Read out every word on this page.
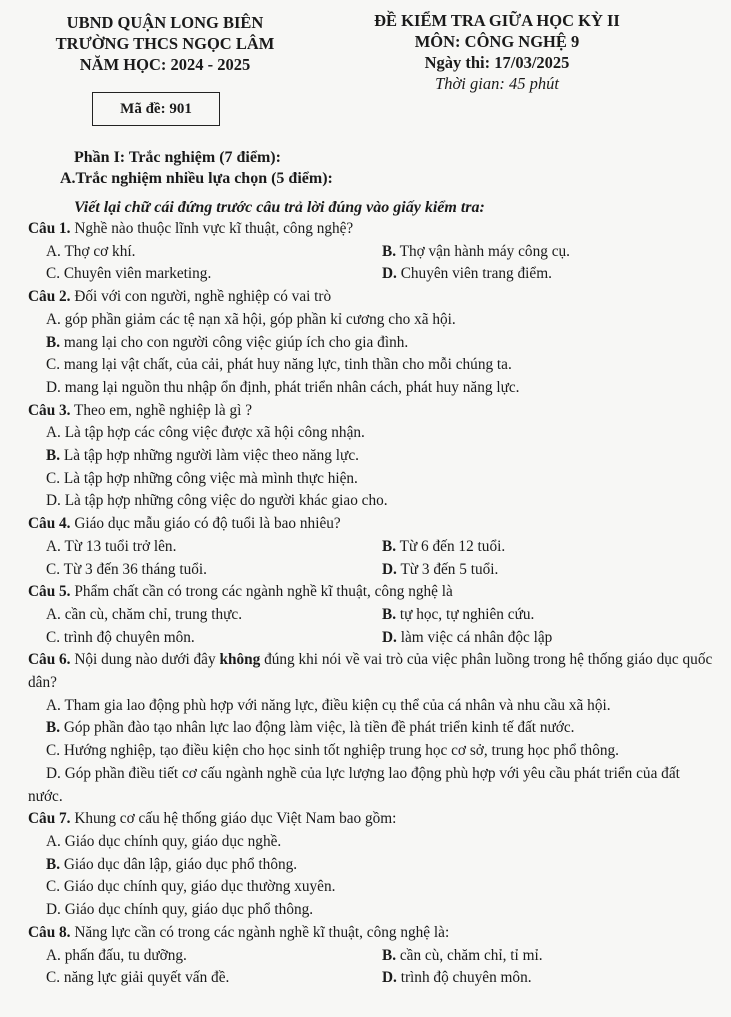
UBND QUẬN LONG BIÊN
TRƯỜNG THCS NGỌC LÂM
NĂM HỌC: 2024 - 2025
ĐỀ KIỂM TRA GIỮA HỌC KỲ II
MÔN: CÔNG NGHỆ 9
Ngày thi: 17/03/2025
Thời gian: 45 phút
Mã đề: 901
Phần I: Trắc nghiệm (7 điểm):
A.Trắc nghiệm nhiều lựa chọn (5 điểm):
Viết lại chữ cái đứng trước câu trả lời đúng vào giấy kiểm tra:
Câu 1. Nghề nào thuộc lĩnh vực kĩ thuật, công nghệ?
A. Thợ cơ khí.	B. Thợ vận hành máy công cụ.
C. Chuyên viên marketing.	D. Chuyên viên trang điểm.
Câu 2. Đối với con người, nghề nghiệp có vai trò
A. góp phần giảm các tệ nạn xã hội, góp phần kỉ cương cho xã hội.
B. mang lại cho con người công việc giúp ích cho gia đình.
C. mang lại vật chất, của cải, phát huy năng lực, tinh thần cho mỗi chúng ta.
D. mang lại nguồn thu nhập ổn định, phát triển nhân cách, phát huy năng lực.
Câu 3. Theo em, nghề nghiệp là gì ?
A. Là tập hợp các công việc được xã hội công nhận.
B. Là tập hợp những người làm việc theo năng lực.
C. Là tập hợp những công việc mà mình thực hiện.
D. Là tập hợp những công việc do người khác giao cho.
Câu 4. Giáo dục mẫu giáo có độ tuổi là bao nhiêu?
A. Từ 13 tuổi trở lên.	B. Từ 6 đến 12 tuổi.
C. Từ 3 đến 36 tháng tuổi.	D. Từ 3 đến 5 tuổi.
Câu 5. Phẩm chất cần có trong các ngành nghề kĩ thuật, công nghệ là
A. cần cù, chăm chỉ, trung thực.	B. tự học, tự nghiên cứu.
C. trình độ chuyên môn.	D. làm việc cá nhân độc lập
Câu 6. Nội dung nào dưới đây không đúng khi nói về vai trò của việc phân luồng trong hệ thống giáo dục quốc dân?
A. Tham gia lao động phù hợp với năng lực, điều kiện cụ thể của cá nhân và nhu cầu xã hội.
B. Góp phần đào tạo nhân lực lao động làm việc, là tiền đề phát triển kinh tế đất nước.
C. Hướng nghiệp, tạo điều kiện cho học sinh tốt nghiệp trung học cơ sở, trung học phổ thông.
D. Góp phần điều tiết cơ cấu ngành nghề của lực lượng lao động phù hợp với yêu cầu phát triển của đất nước.
Câu 7. Khung cơ cấu hệ thống giáo dục Việt Nam bao gồm:
A. Giáo dục chính quy, giáo dục nghề.
B. Giáo dục dân lập, giáo dục phổ thông.
C. Giáo dục chính quy, giáo dục thường xuyên.
D. Giáo dục chính quy, giáo dục phổ thông.
Câu 8. Năng lực cần có trong các ngành nghề kĩ thuật, công nghệ là:
A. phấn đấu, tu dưỡng.	B. cần cù, chăm chỉ, tỉ mỉ.
C. năng lực giải quyết vấn đề.	D. trình độ chuyên môn.
